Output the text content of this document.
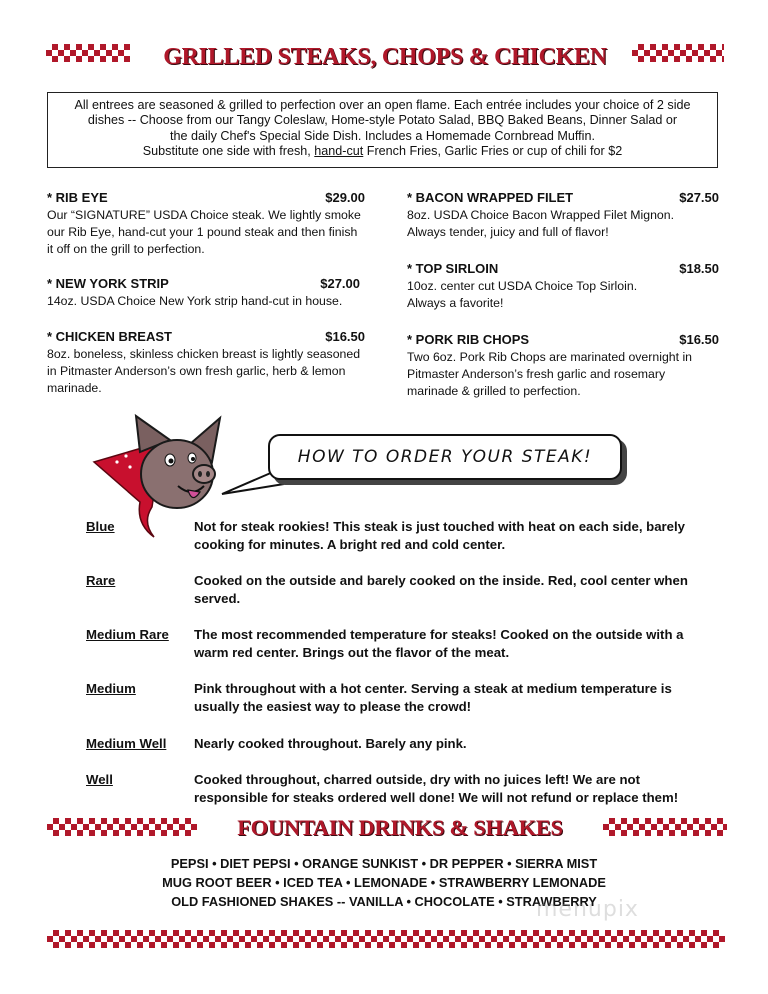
GRILLED STEAKS, CHOPS & CHICKEN

All entrees are seasoned & grilled to perfection over an open flame. Each entrée includes your choice of 2 side

dishes -- Choose from our Tangy Coleslaw, Home-style Potato Salad, BBQ Baked Beans, Dinner Salad or

the daily Chef's Special Side Dish. Includes a Homemade Cornbread Muffin.

Substitute one side with fresh, hand-cut French Fries, Garlic Fries or cup of chili for $2

* RIB EYE	$29.00

Our “SIGNATURE” USDA Choice steak. We lightly smoke our Rib Eye, hand-cut your 1 pound steak and then finish it off on the grill to perfection.

* NEW YORK STRIP	$27.00

14oz. USDA Choice New York strip hand-cut in house.

* CHICKEN BREAST	$16.50

8oz. boneless, skinless chicken breast is lightly seasoned in Pitmaster Anderson’s own fresh garlic, herb & lemon marinade.

* BACON WRAPPED FILET	$27.50

8oz. USDA Choice Bacon Wrapped Filet Mignon. Always tender, juicy and full of flavor!

* TOP SIRLOIN	$18.50

10oz. center cut USDA Choice Top Sirloin. Always a favorite!

* PORK RIB CHOPS	$16.50

Two 6oz. Pork Rib Chops are marinated overnight in Pitmaster Anderson’s fresh garlic and rosemary marinade & grilled to perfection.

HOW TO ORDER YOUR STEAK!
Blue	Not for steak rookies! This steak is just touched with heat on each side, barely cooking for minutes. A bright red and cold center.
Rare	Cooked on the outside and barely cooked on the inside. Red, cool center when served.
Medium Rare The most recommended temperature for steaks! Cooked on the outside with a warm red center. Brings out the flavor of the meat.
Medium	Pink throughout with a hot center. Serving a steak at medium temperature is usually the easiest way to please the crowd!
Medium Well Nearly cooked throughout. Barely any pink.
Well	Cooked throughout, charred outside, dry with no juices left! We are not responsible for steaks ordered well done! We will not refund or replace them!
FOUNTAIN DRINKS & SHAKES
PEPSI • DIET PEPSI • ORANGE SUNKIST • DR PEPPER • SIERRA MIST
MUG ROOT BEER • ICED TEA • LEMONADE • STRAWBERRY LEMONADE
OLD FASHIONED SHAKES -- VANILLA • CHOCOLATE • STRAWBERRY
menupix
